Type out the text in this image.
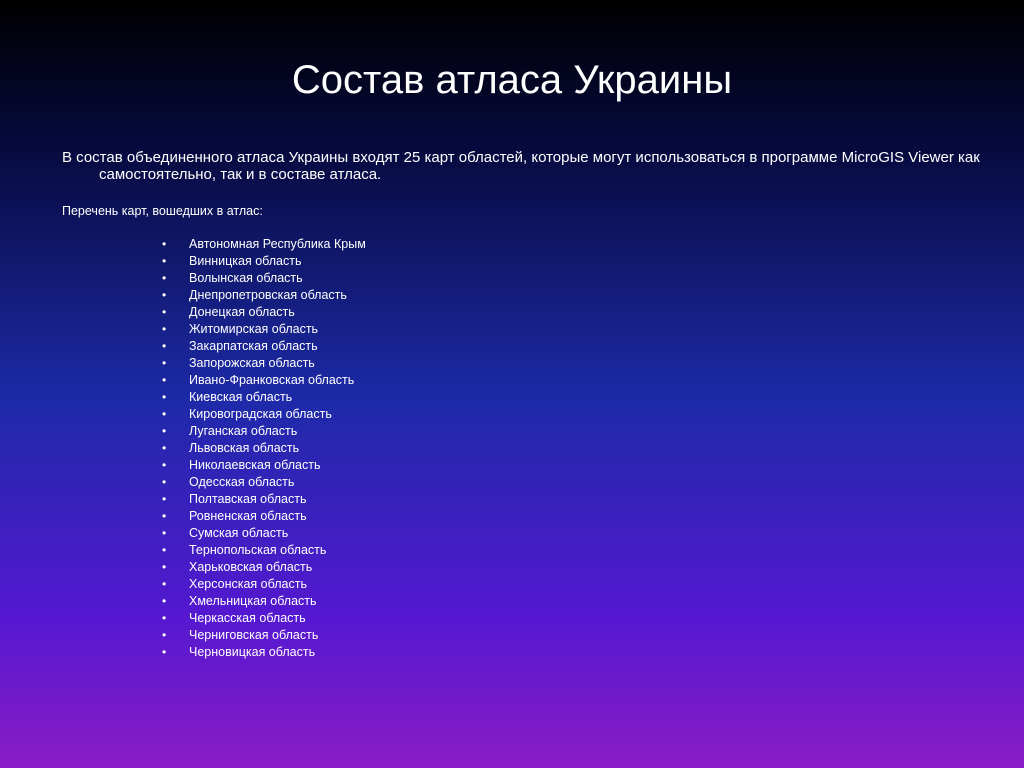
Состав атласа Украины

В состав объединенного атласа Украины входят 25 карт областей, которые могут использоваться в программе MicroGIS Viewer как самостоятельно, так и в составе атласа.

Перечень карт, вошедших в атлас:

• Автономная Республика Крым
• Винницкая область
• Волынская область
• Днепропетровская область
• Донецкая область
• Житомирская область
• Закарпатская область
• Запорожская область
• Ивано-Франковская область
• Киевская область
• Кировоградская область
• Луганская область
• Львовская область
• Николаевская область
• Одесская область
• Полтавская область
• Ровненская область
• Сумская область
• Тернопольская область
• Харьковская область
• Херсонская область
• Хмельницкая область
• Черкасская область
• Черниговская область
• Черновицкая область
